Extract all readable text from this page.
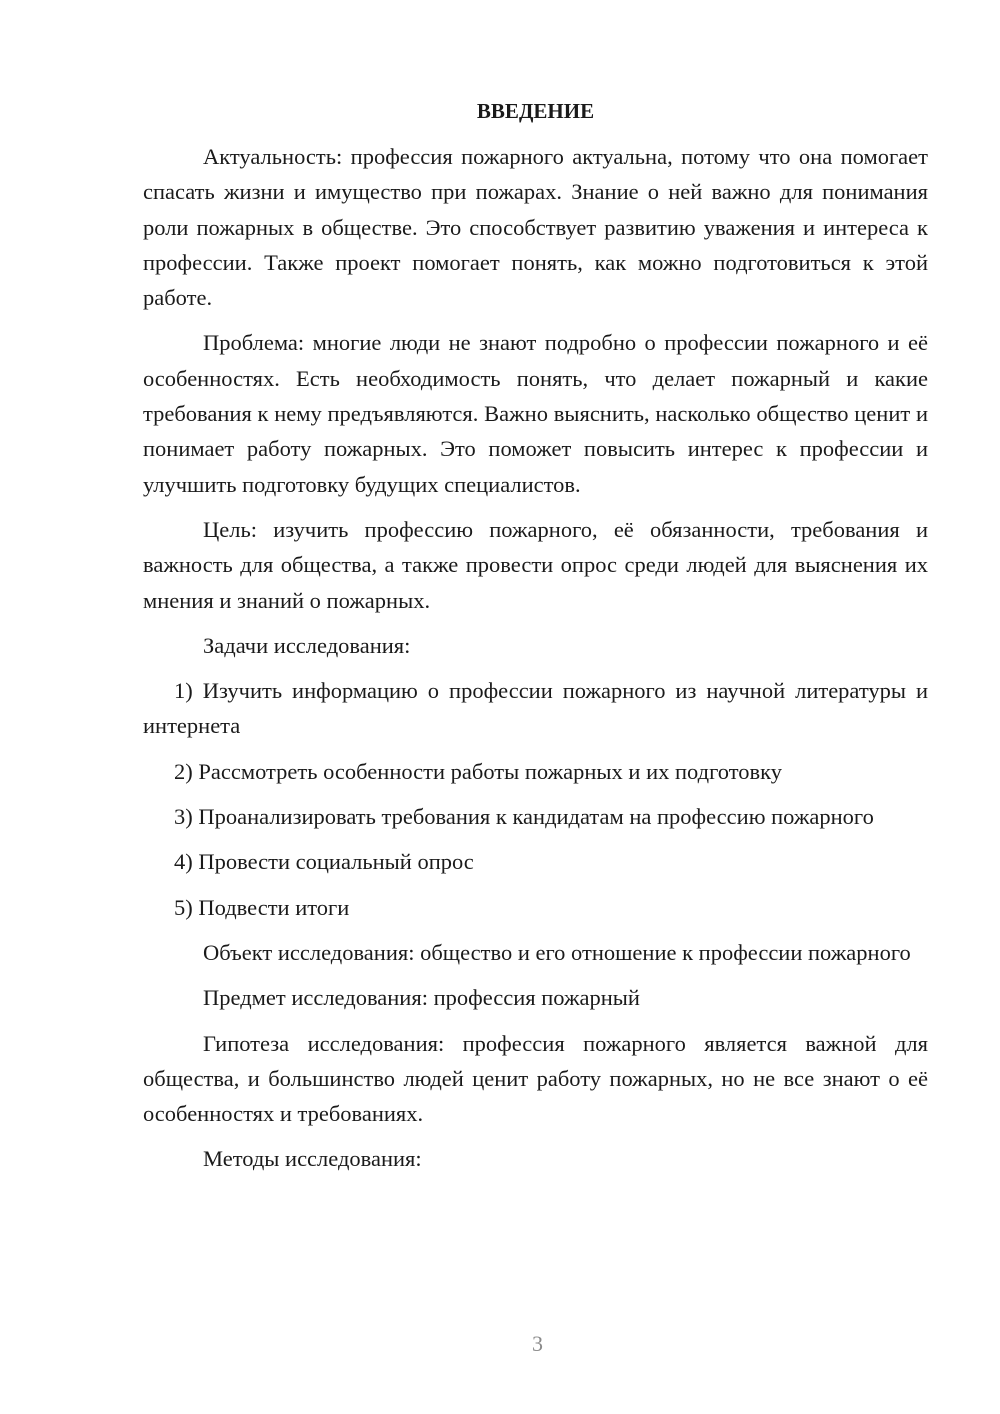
ВВЕДЕНИЕ

Актуальность: профессия пожарного актуальна, потому что она помогает спасать жизни и имущество при пожарах. Знание о ней важно для понимания роли пожарных в обществе. Это способствует развитию уважения и интереса к профессии. Также проект помогает понять, как можно подготовиться к этой работе.

Проблема: многие люди не знают подробно о профессии пожарного и её особенностях. Есть необходимость понять, что делает пожарный и какие требования к нему предъявляются. Важно выяснить, насколько общество ценит и понимает работу пожарных. Это поможет повысить интерес к профессии и улучшить подготовку будущих специалистов.

Цель: изучить профессию пожарного, её обязанности, требования и важность для общества, а также провести опрос среди людей для выяснения их мнения и знаний о пожарных.

Задачи исследования:

1) Изучить информацию о профессии пожарного из научной литературы и интернета

2) Рассмотреть особенности работы пожарных и их подготовку

3) Проанализировать требования к кандидатам на профессию пожарного

4) Провести социальный опрос

5) Подвести итоги

Объект исследования: общество и его отношение к профессии пожарного

Предмет исследования: профессия пожарный

Гипотеза исследования: профессия пожарного является важной для общества, и большинство людей ценит работу пожарных, но не все знают о её особенностях и требованиях.

Методы исследования:

3
